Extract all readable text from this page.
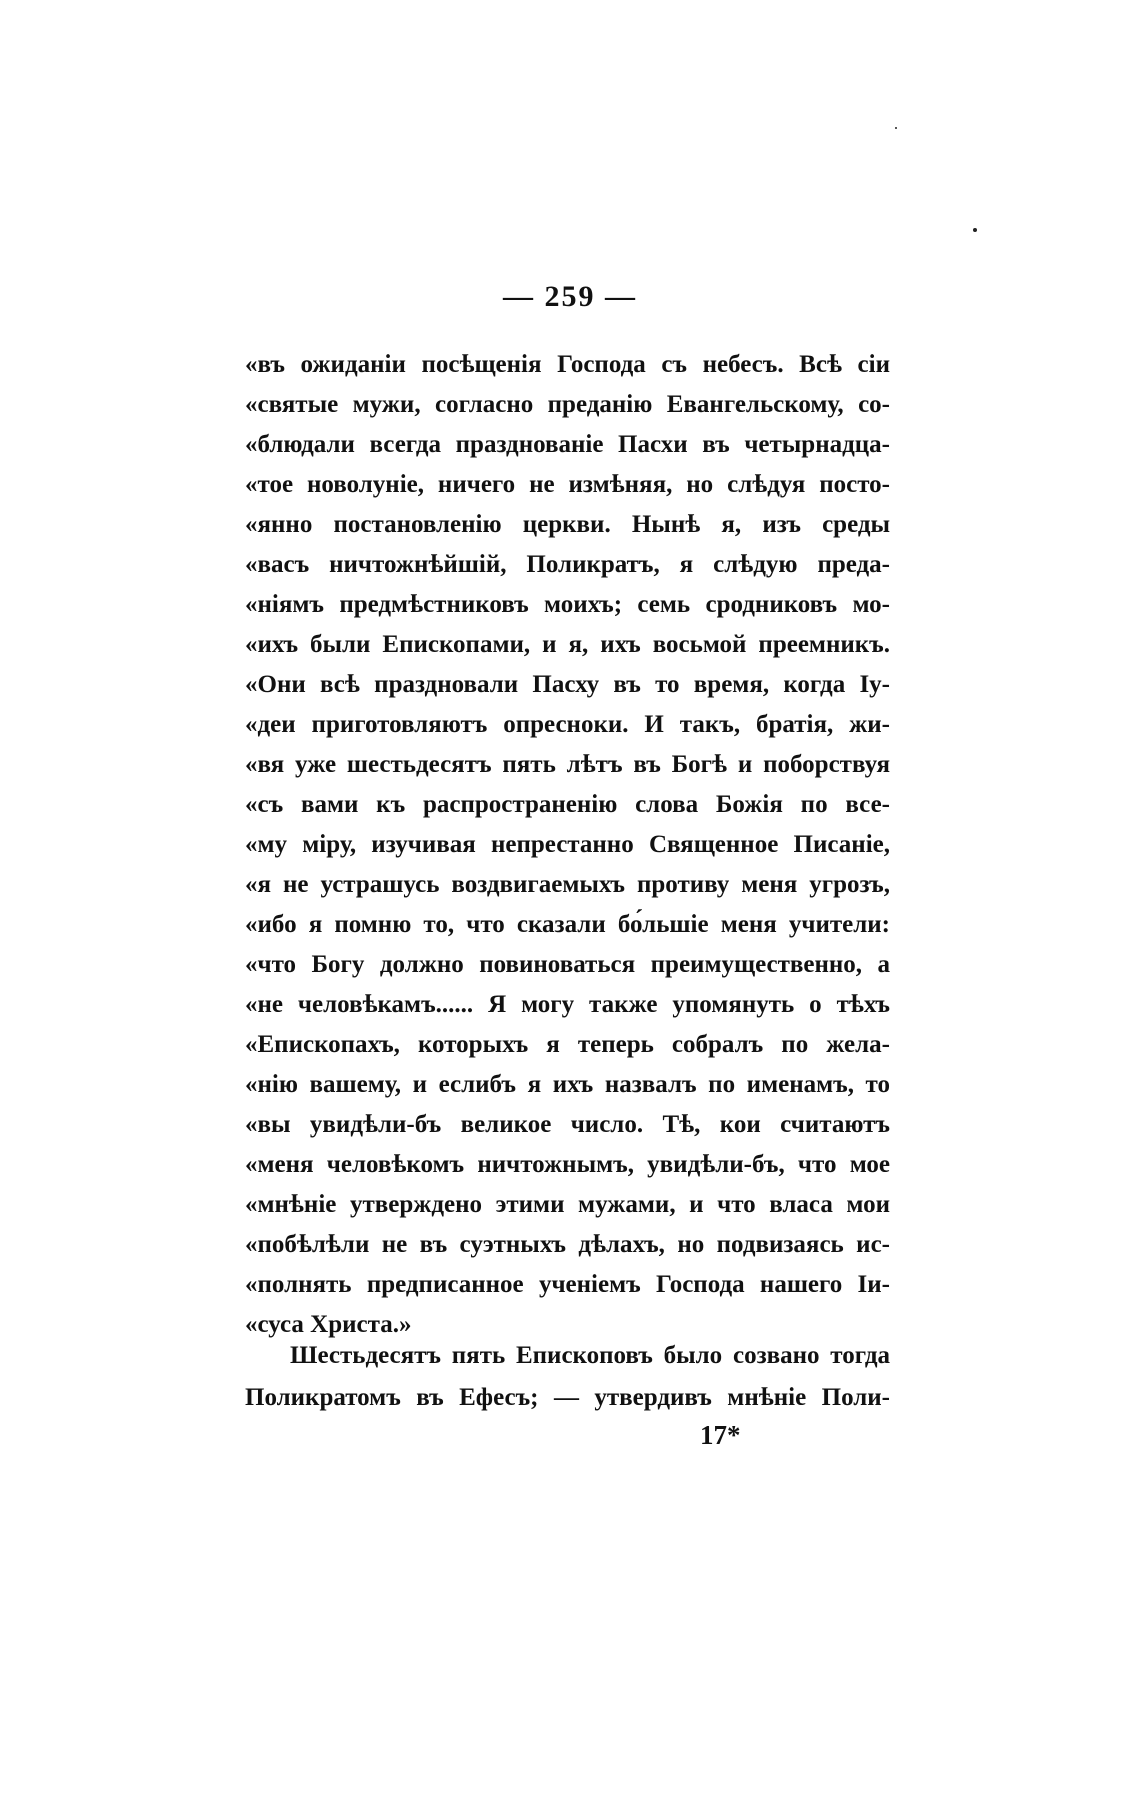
— 259 —
«въ ожиданіи посѣщенія Господа съ небесъ. Всѣ сіи
«святые мужи, согласно преданію Евангельскому, со-
«блюдали всегда празднованіе Пасхи въ четырнадца-
«тое новолуніе, ничего не измѣняя, но слѣдуя посто-
«янно постановленію церкви. Нынѣ я, изъ среды
«васъ ничтожнѣйшій, Поликратъ, я слѣдую преда-
«ніямъ предмѣстниковъ моихъ; семь сродниковъ мо-
«ихъ были Епископами, и я, ихъ восьмой преемникъ.
«Они всѣ праздновали Пасху въ то время, когда Іу-
«деи приготовляютъ опресноки. И такъ, братія, жи-
«вя уже шестьдесятъ пять лѣтъ въ Богѣ и поборствуя
«съ вами къ распространенію слова Божія по все-
«му міру, изучивая непрестанно Священное Писаніе,
«я не устрашусь воздвигаемыхъ противу меня угрозъ,
«ибо я помню то, что сказали бо́льшіе меня учители:
«что Богу должно повиноваться преимущественно, а
«не человѣкамъ...... Я могу также упомянуть о тѣхъ
«Епископахъ, которыхъ я теперь собралъ по жела-
«нію вашему, и еслибъ я ихъ назвалъ по именамъ, то
«вы увидѣли-бъ великое число. Тѣ, кои считаютъ
«меня человѣкомъ ничтожнымъ, увидѣли-бъ, что мое
«мнѣніе утверждено этими мужами, и что власа мои
«побѣлѣли не въ суэтныхъ дѣлахъ, но подвизаясь ис-
«полнять предписанное ученіемъ Господа нашего Іи-
«суса Христа.»
Шестьдесятъ пять Епископовъ было созвано тогда
Поликратомъ въ Ефесъ; — утвердивъ мнѣніе Поли-
17*
